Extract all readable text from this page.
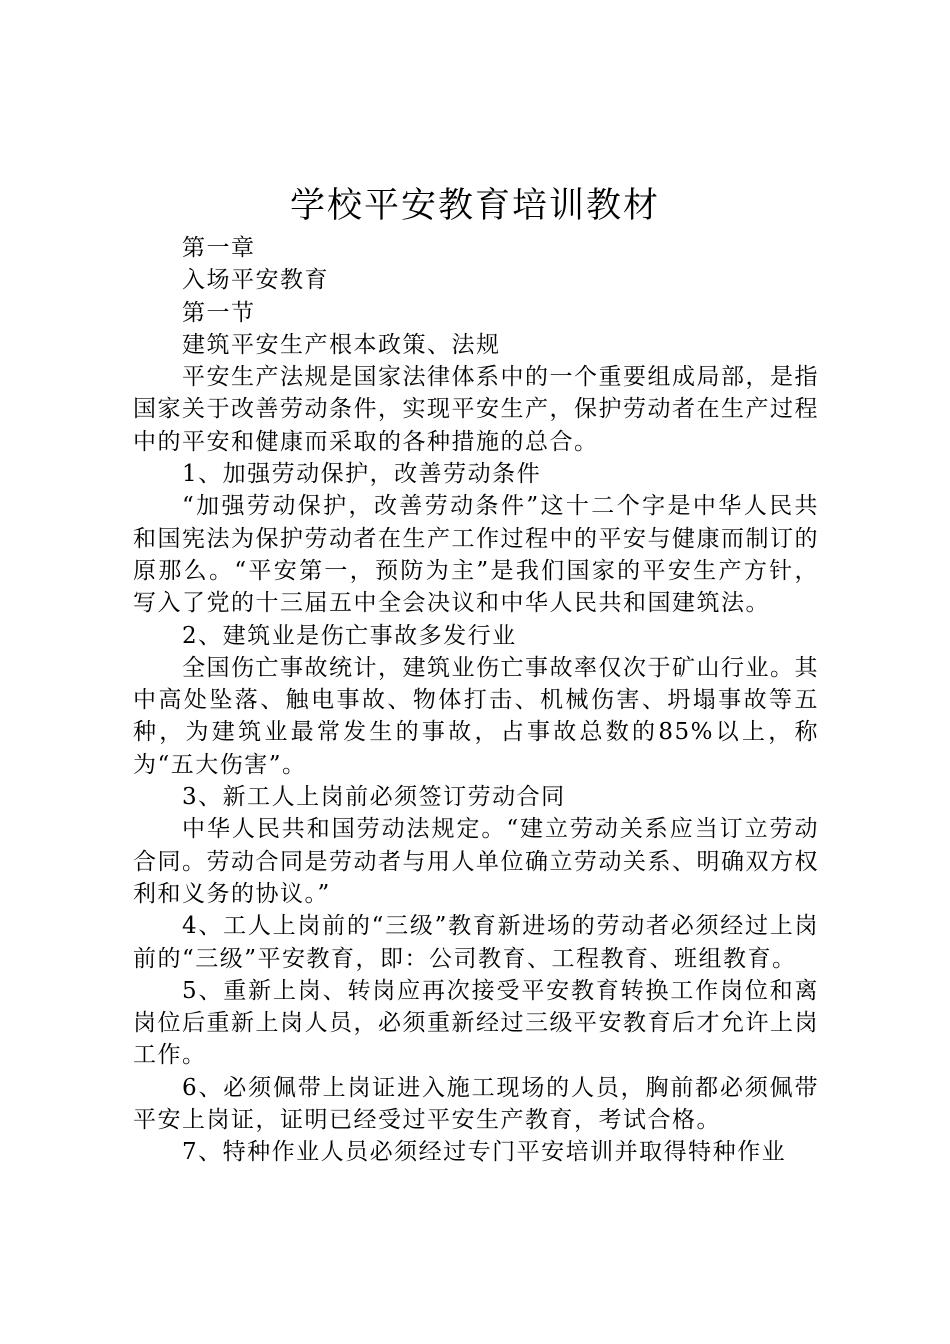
学校平安教育培训教材

第一章

入场平安教育

第一节

建筑平安生产根本政策、法规

平安生产法规是国家法律体系中的一个重要组成局部，是指国家关于改善劳动条件，实现平安生产，保护劳动者在生产过程中的平安和健康而采取的各种措施的总合。

1、加强劳动保护，改善劳动条件

“加强劳动保护，改善劳动条件”这十二个字是中华人民共和国宪法为保护劳动者在生产工作过程中的平安与健康而制订的原那么。“平安第一，预防为主”是我们国家的平安生产方针，写入了党的十三届五中全会决议和中华人民共和国建筑法。

2、建筑业是伤亡事故多发行业

全国伤亡事故统计，建筑业伤亡事故率仅次于矿山行业。其中高处坠落、触电事故、物体打击、机械伤害、坍塌事故等五种，为建筑业最常发生的事故，占事故总数的85%以上，称为“五大伤害”。

3、新工人上岗前必须签订劳动合同

中华人民共和国劳动法规定。“建立劳动关系应当订立劳动合同。劳动合同是劳动者与用人单位确立劳动关系、明确双方权利和义务的协议。”

4、工人上岗前的“三级”教育新进场的劳动者必须经过上岗前的“三级”平安教育，即：公司教育、工程教育、班组教育。

5、重新上岗、转岗应再次接受平安教育转换工作岗位和离岗位后重新上岗人员，必须重新经过三级平安教育后才允许上岗工作。

6、必须佩带上岗证进入施工现场的人员，胸前都必须佩带平安上岗证，证明已经受过平安生产教育，考试合格。

7、特种作业人员必须经过专门平安培训并取得特种作业
